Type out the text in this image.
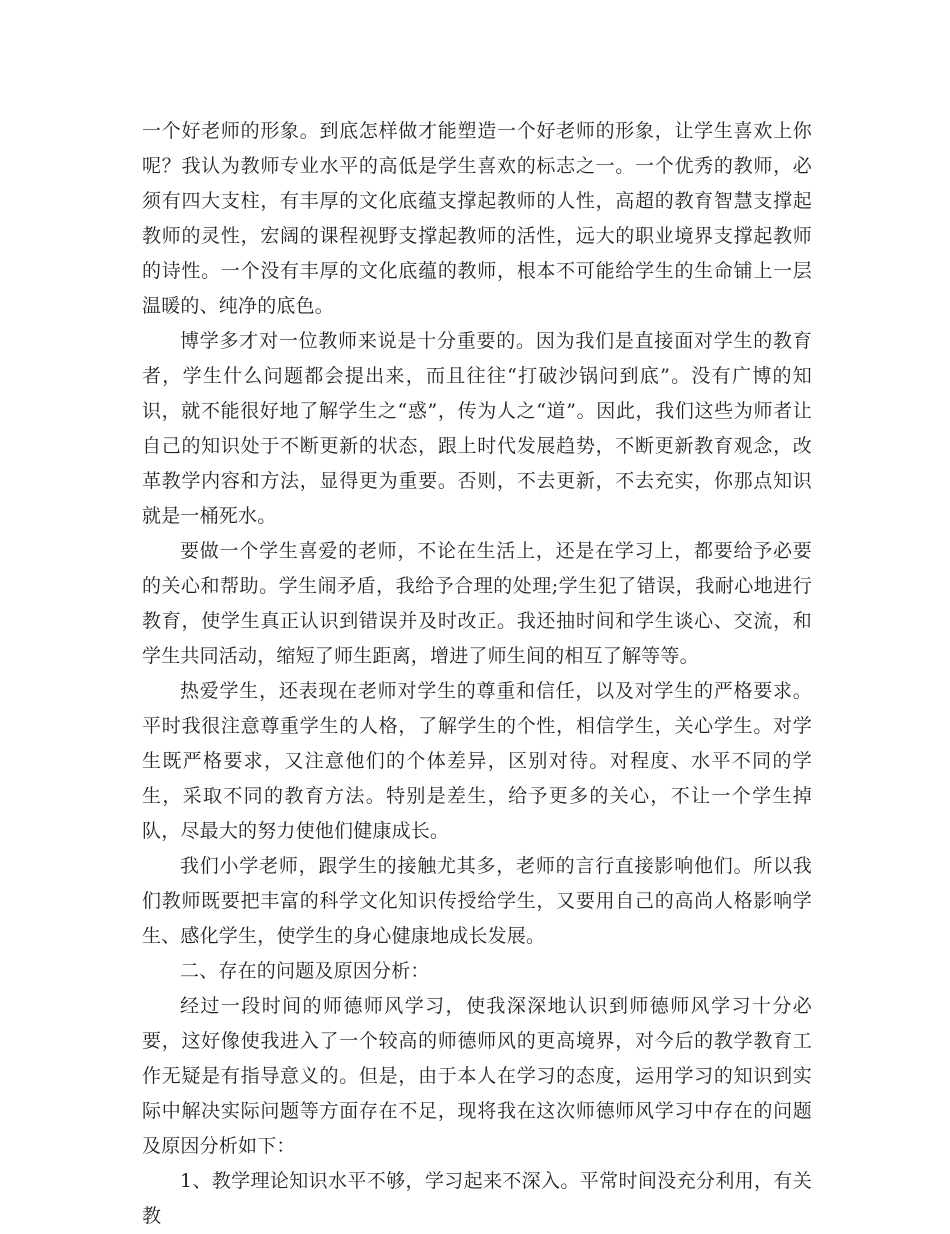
一个好老师的形象。到底怎样做才能塑造一个好老师的形象，让学生喜欢上你呢？我认为教师专业水平的高低是学生喜欢的标志之一。一个优秀的教师，必须有四大支柱，有丰厚的文化底蕴支撑起教师的人性，高超的教育智慧支撑起教师的灵性，宏阔的课程视野支撑起教师的活性，远大的职业境界支撑起教师的诗性。一个没有丰厚的文化底蕴的教师，根本不可能给学生的生命铺上一层温暖的、纯净的底色。

博学多才对一位教师来说是十分重要的。因为我们是直接面对学生的教育者，学生什么问题都会提出来，而且往往“打破沙锅问到底”。没有广博的知识，就不能很好地了解学生之“惑”，传为人之“道”。因此，我们这些为师者让自己的知识处于不断更新的状态，跟上时代发展趋势，不断更新教育观念，改革教学内容和方法，显得更为重要。否则，不去更新，不去充实，你那点知识就是一桶死水。

要做一个学生喜爱的老师，不论在生活上，还是在学习上，都要给予必要的关心和帮助。学生闹矛盾，我给予合理的处理;学生犯了错误，我耐心地进行教育，使学生真正认识到错误并及时改正。我还抽时间和学生谈心、交流，和学生共同活动，缩短了师生距离，增进了师生间的相互了解等等。

热爱学生，还表现在老师对学生的尊重和信任，以及对学生的严格要求。平时我很注意尊重学生的人格，了解学生的个性，相信学生，关心学生。对学生既严格要求，又注意他们的个体差异，区别对待。对程度、水平不同的学生，采取不同的教育方法。特别是差生，给予更多的关心，不让一个学生掉队，尽最大的努力使他们健康成长。

我们小学老师，跟学生的接触尤其多，老师的言行直接影响他们。所以我们教师既要把丰富的科学文化知识传授给学生，又要用自己的高尚人格影响学生、感化学生，使学生的身心健康地成长发展。

二、存在的问题及原因分析：

经过一段时间的师德师风学习，使我深深地认识到师德师风学习十分必要，这好像使我进入了一个较高的师德师风的更高境界，对今后的教学教育工作无疑是有指导意义的。但是，由于本人在学习的态度，运用学习的知识到实际中解决实际问题等方面存在不足，现将我在这次师德师风学习中存在的问题及原因分析如下：

1、教学理论知识水平不够，学习起来不深入。平常时间没充分利用，有关教
